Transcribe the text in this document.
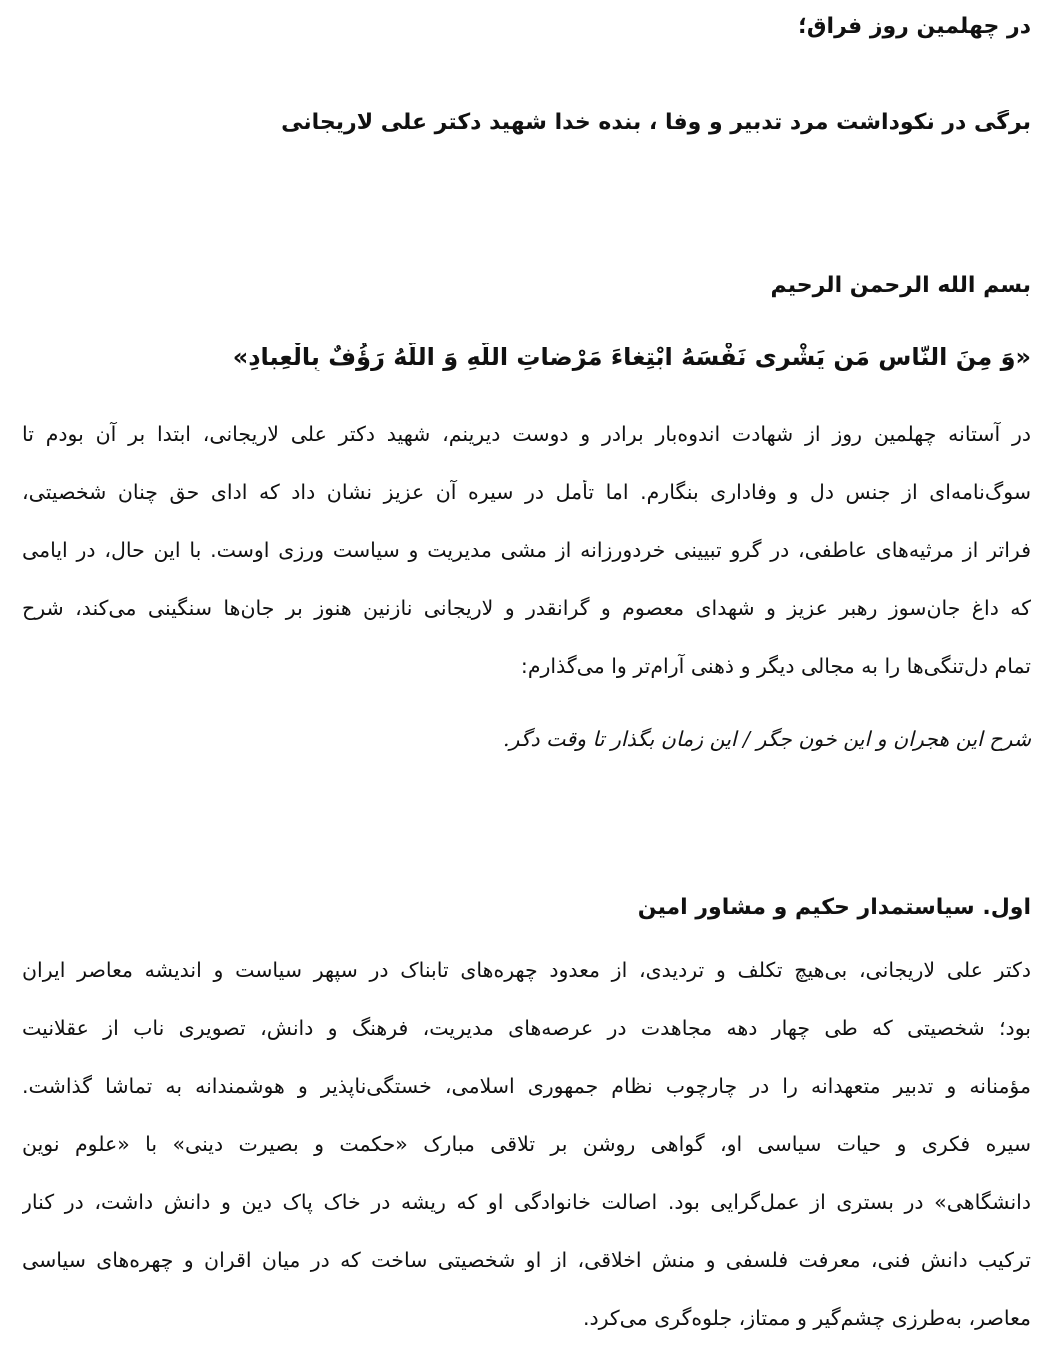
در چهلمین روز فراق؛
برگی در نکوداشت مرد تدبیر و وفا ، بنده خدا شهید دکتر علی لاریجانی
بسم الله الرحمن الرحیم
«وَ مِنَ النّاسِ مَن یَشْرِی نَفْسَهُ ابْتِغاءَ مَرْضاتِ اللَّهِ وَ اللَّهُ رَؤُفٌ بِالْعِبادِ»
در آستانه چهلمین روز از شهادت اندوه‌بار برادر و دوست دیرینم، شهید دکتر علی لاریجانی، ابتدا بر آن بودم تا
سوگ‌نامه‌ای از جنس دل و وفاداری بنگارم. اما تأمل در سیره آن عزیز نشان داد که ادای حق چنان شخصیتی،
فراتر از مرثیه‌های عاطفی، در گرو تبیینی خردورزانه از مشی مدیریت و سیاست ورزی اوست. با این حال، در ایامی
که داغ جان‌سوز رهبر عزیز و شهدای معصوم و گرانقدر و لاریجانی نازنین هنوز بر جان‌ها سنگینی می‌کند، شرح
تمام دل‌تنگی‌ها را به مجالی دیگر و ذهنی آرام‌تر وا می‌گذارم:
شرح این هجران و این خون جگر / این زمان بگذار تا وقت دگر.
اول. سیاستمدار حکیم و مشاور امین
دکتر علی لاریجانی، بی‌هیچ تکلف و تردیدی، از معدود چهره‌های تابناک در سپهر سیاست و اندیشه معاصر ایران
بود؛ شخصیتی که طی چهار دهه مجاهدت در عرصه‌های مدیریت، فرهنگ و دانش، تصویری ناب از عقلانیت
مؤمنانه و تدبیر متعهدانه را در چارچوب نظام جمهوری اسلامی، خستگی‌ناپذیر و هوشمندانه به تماشا گذاشت.
سیره فکری و حیات سیاسی او، گواهی روشن بر تلاقی مبارک «حکمت و بصیرت دینی» با «علوم نوین
دانشگاهی» در بستری از عمل‌گرایی بود. اصالت خانوادگی او که ریشه در خاک پاک دین و دانش داشت، در کنار
ترکیب دانش فنی، معرفت فلسفی و منش اخلاقی، از او شخصیتی ساخت که در میان اقران و چهره‌های سیاسی
معاصر، به‌طرزی چشم‌گیر و ممتاز، جلوه‌گری می‌کرد.
